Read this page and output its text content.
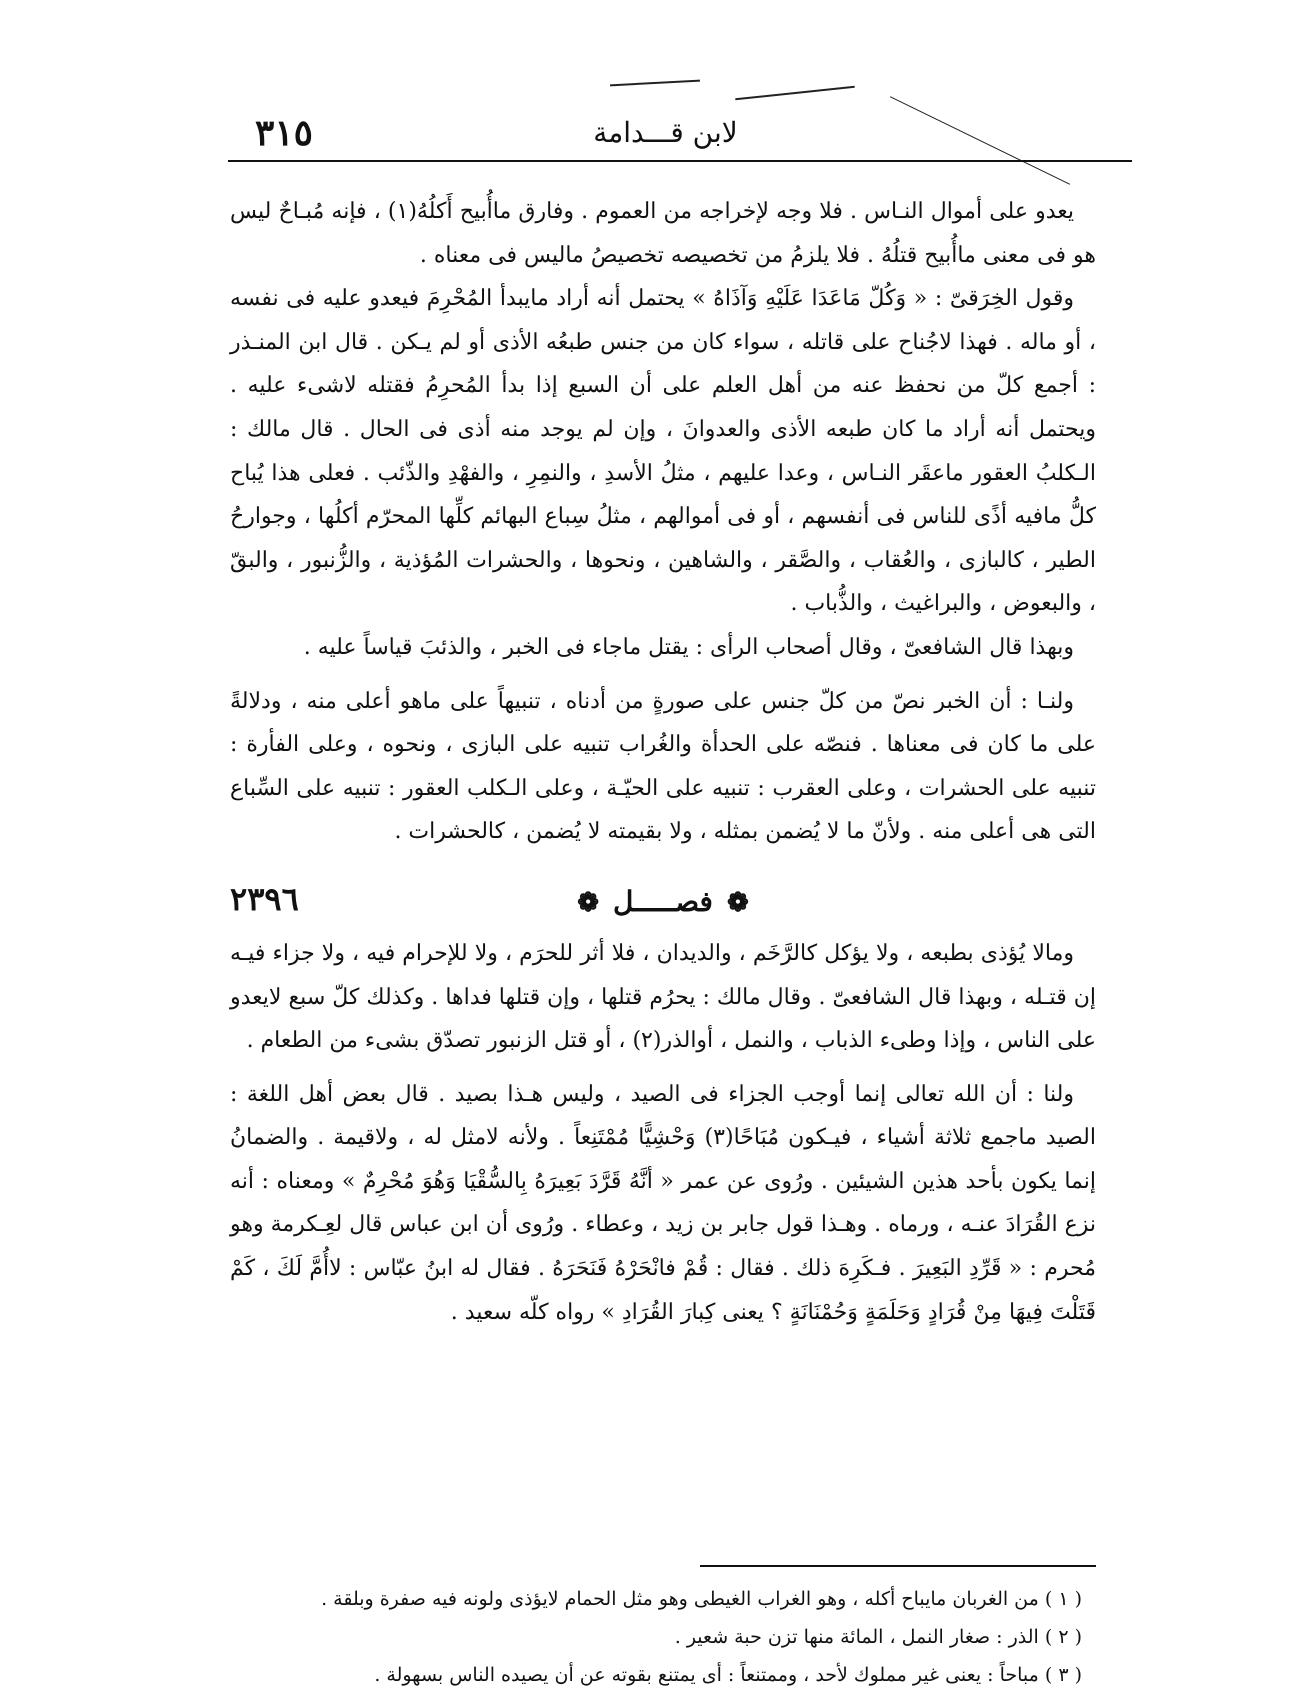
٣١٥	لابن قـــدامة

يعدو على أموال النـاس . فلا وجه لإخراجه من العموم . وفارق ماأُبيح أَكلُهُ(١) ، فإنه مُبـاحٌ ليس هو فى معنى ماأُبيح قتلُهُ . فلا يلزمُ من تخصيصه تخصيصُ ماليس فى معناه .

وقول الخِرَقىّ : « وَكُلّ مَاعَدَا عَلَيْهِ وَآذَاهُ » يحتمل أنه أراد مايبدأ المُحْرِمَ فيعدو عليه فى نفسه ، أو ماله . فهذا لاجُناح على قاتله ، سواء كان من جنس طبعُه الأذى أو لم يـكن . قال ابن المنـذر : أجمع كلّ من نحفظ عنه من أهل العلم على أن السبع إذا بدأ المُحرِمُ فقتله لاشىء عليه . ويحتمل أنه أراد ما كان طبعه الأذى والعدوانَ ، وإن لم يوجد منه أذى فى الحال . قال مالك : الـكلبُ العقور ماعقَر النـاس ، وعدا عليهم ، مثلُ الأسدِ ، والنمِرِ ، والفهْدِ والذّئب . فعلى هذا يُباح كلُّ مافيه أذًى للناس فى أنفسهم ، أو فى أموالهم ، مثلُ سِباع البهائم كلِّها المحرّم أكلُها ، وجوارحُ الطير ، كالبازى ، والعُقاب ، والصَّقر ، والشاهين ، ونحوها ، والحشرات المُؤذية ، والزُّنبور ، والبقّ ، والبعوض ، والبراغيث ، والذُّباب .

وبهذا قال الشافعىّ ، وقال أصحاب الرأى : يقتل ماجاء فى الخبر ، والذئبَ قياساً عليه .

ولنـا : أن الخبر نصّ من كلّ جنس على صورةٍ من أدناه ، تنبيهاً على ماهو أعلى منه ، ودلالةً على ما كان فى معناها . فنصّه على الحدأة والغُراب تنبيه على البازى ، ونحوه ، وعلى الفأرة : تنبيه على الحشرات ، وعلى العقرب : تنبيه على الحيّـة ، وعلى الـكلب العقور : تنبيه على السِّباع التى هى أعلى منه . ولأنّ ما لا يُضمن بمثله ، ولا بقيمته لا يُضمن ، كالحشرات .

٢٣٩٦	❁فصـــــل❁

ومالا يُؤذى بطبعه ، ولا يؤكل كالرَّخَم ، والديدان ، فلا أثر للحرَم ، ولا للإحرام فيه ، ولا جزاء فيـه إن قتـله ، وبهذا قال الشافعىّ . وقال مالك : يحرُم قتلها ، وإن قتلها فداها . وكذلك كلّ سبع لايعدو على الناس ، وإذا وطىء الذباب ، والنمل ، أوالذر(٢) ، أو قتل الزنبور تصدّق بشىء من الطعام .

ولنا : أن الله تعالى إنما أوجب الجزاء فى الصيد ، وليس هـذا بصيد . قال بعض أهل اللغة : الصيد ماجمع ثلاثة أشياء ، فيـكون مُبَاحًا(٣) وَحْشِيًّا مُمْتَنِعاً . ولأنه لامثل له ، ولاقيمة . والضمانُ إنما يكون بأحد هذين الشيئين . ورُوى عن عمر « أنَّهُ قَرَّدَ بَعِيرَهُ بِالسُّقْيَا وَهُوَ مُحْرِمٌ » ومعناه : أنه نزع القُرَادَ عنـه ، ورماه . وهـذا قول جابر بن زيد ، وعطاء . ورُوى أن ابن عباس قال لعِـكرمة وهو مُحرم : « قَرِّدِ البَعِيرَ . فـكَرِهَ ذلك . فقال : قُمْ فانْحَرْهُ فَنَحَرَهُ . فقال له ابنُ عبّاس : لاأُمَّ لَكَ ، كَمْ قَتَلْتَ فِيهَا مِنْ قُرَادٍ وَحَلَمَةٍ وَحُمْنَانَةٍ ؟ يعنى كِبارَ القُرَادِ » رواه كلّه سعيد .

( ١ ) من الغربان مايباح أكله ، وهو الغراب الغيطى وهو مثل الحمام لايؤذى ولونه فيه صفرة وبلقة .

( ٢ ) الذر : صغار النمل ، المائة منها تزن حبة شعير .

( ٣ ) مباحاً : يعنى غير مملوك لأحد ، وممتنعاً : أى يمتنع بقوته عن أن يصيده الناس بسهولة .
